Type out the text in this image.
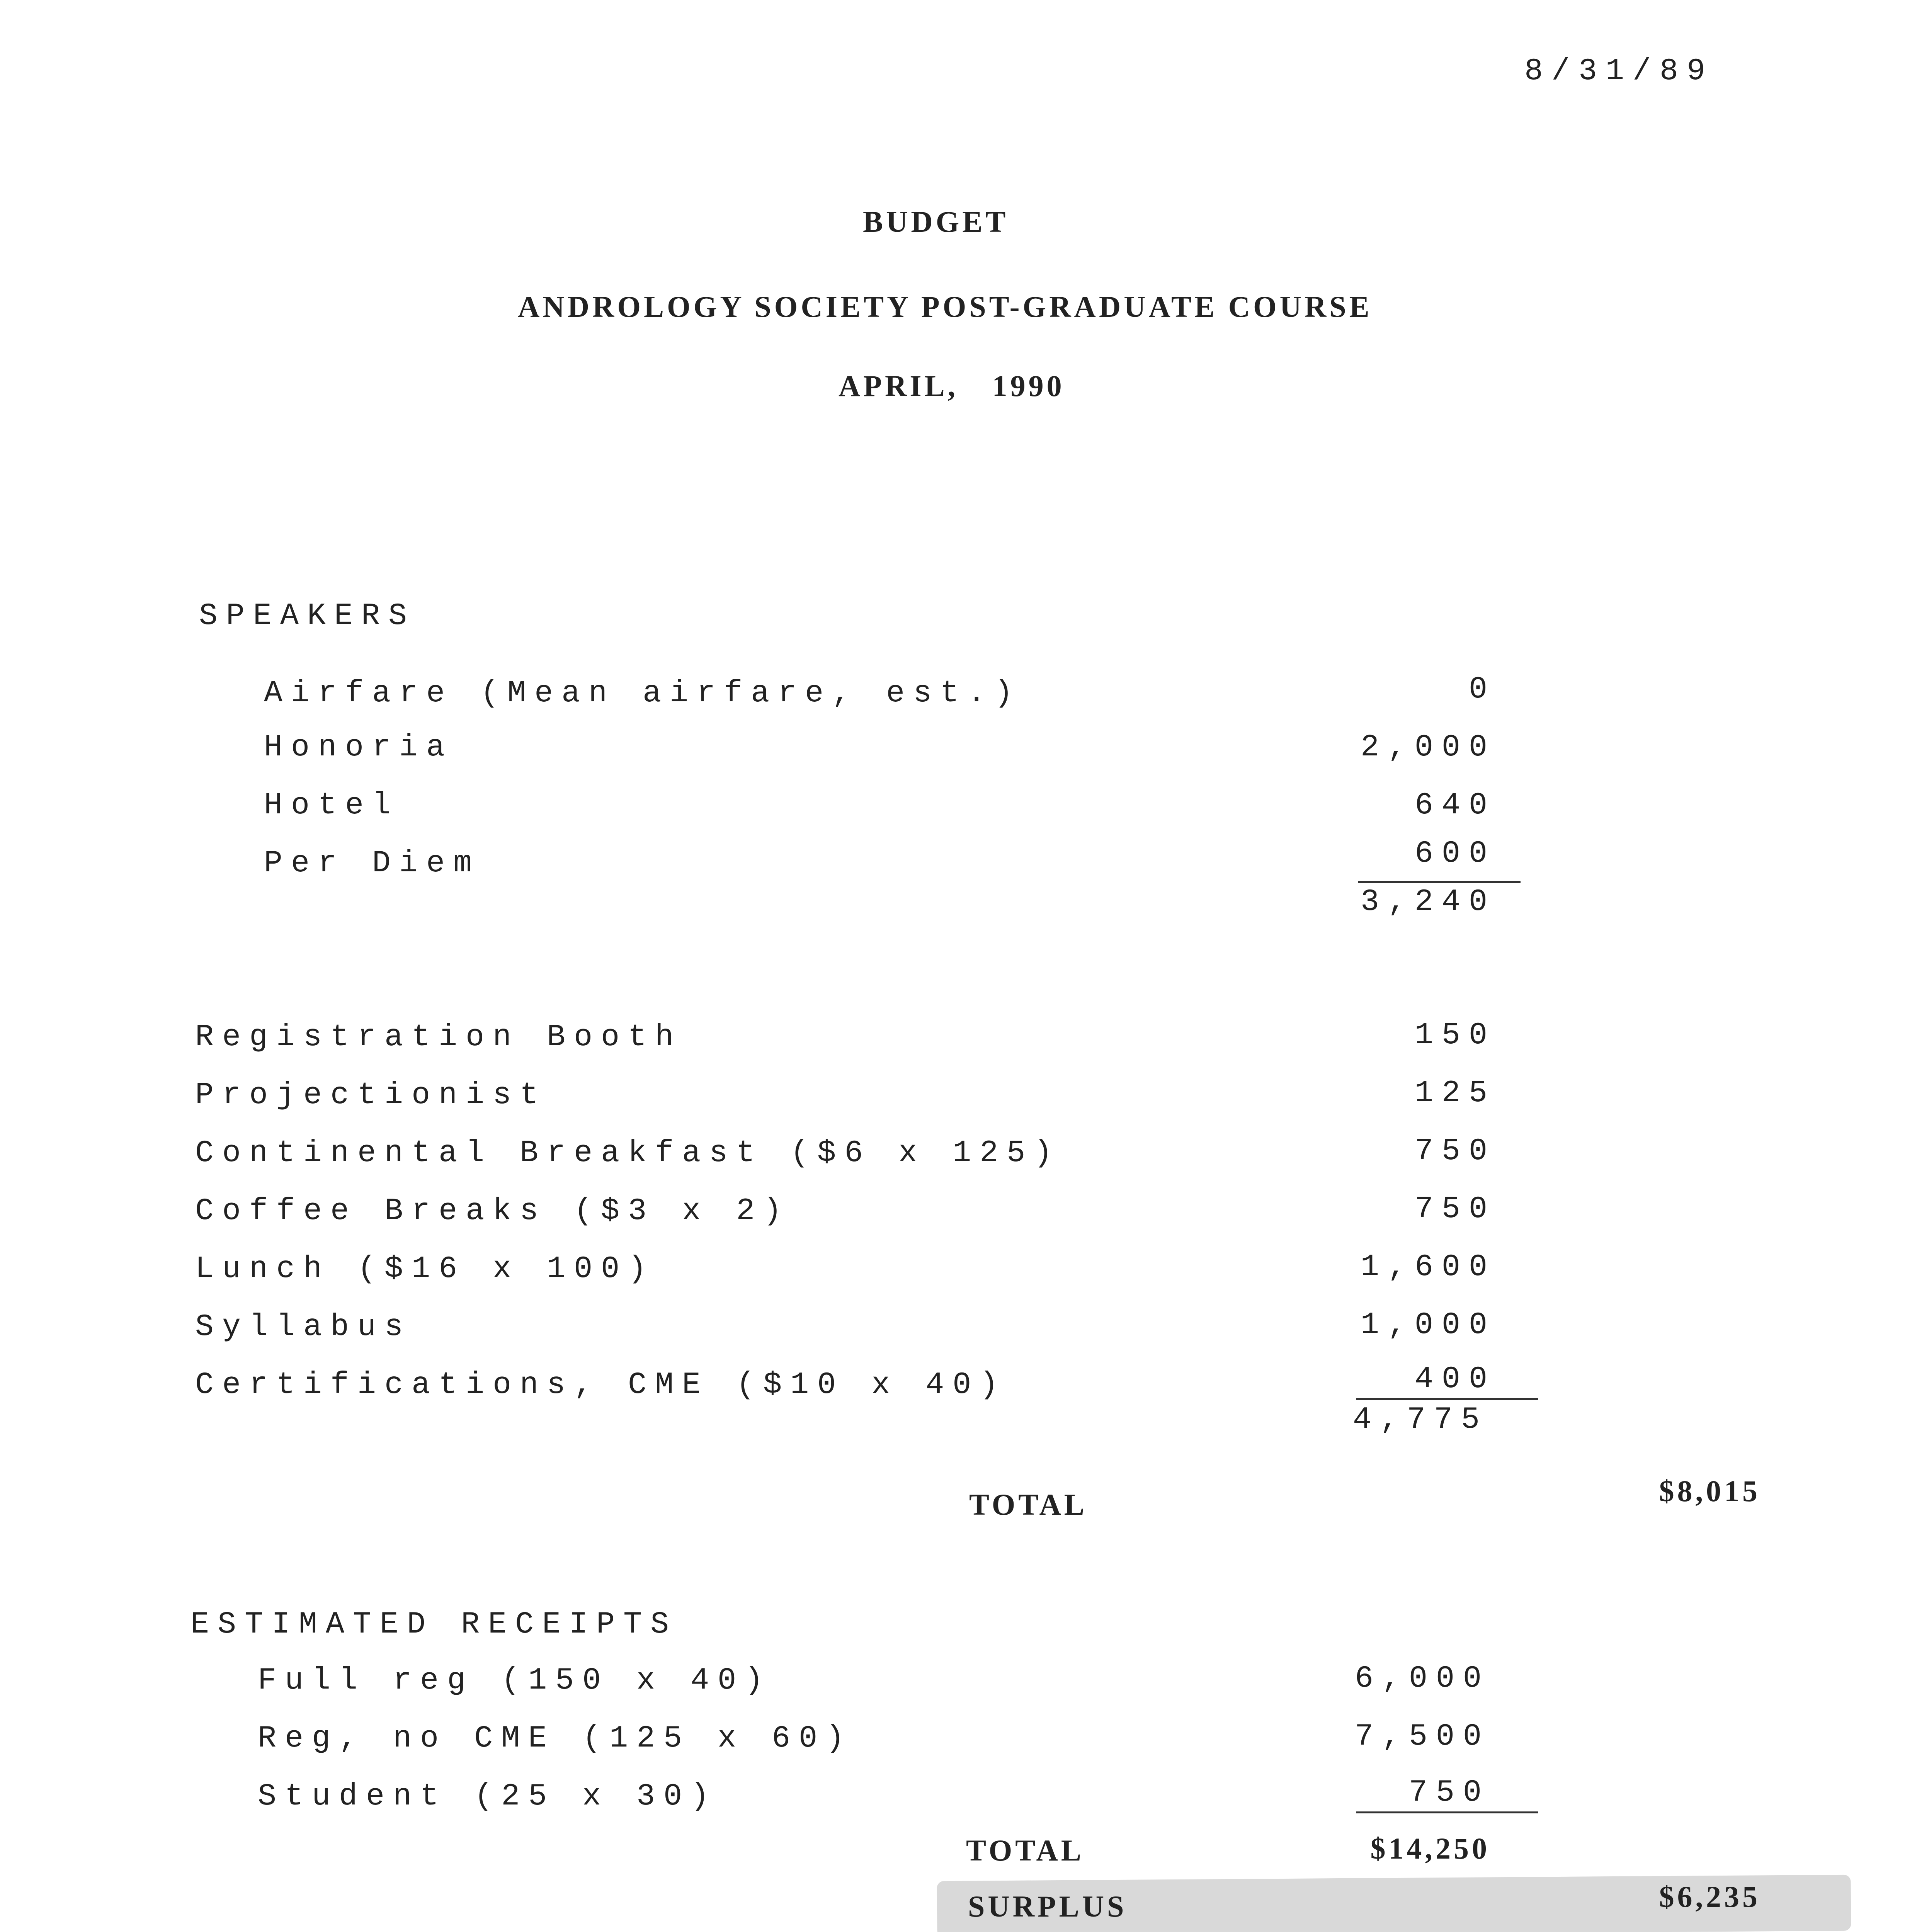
8/31/89
BUDGET
ANDROLOGY SOCIETY POST-GRADUATE COURSE
APRIL, 1990
SPEAKERS
Airfare (Mean airfare, est.)	0
Honoria	2,000
Hotel	640
Per Diem	600
3,240
Registration Booth	150
Projectionist	125
Continental Breakfast ($6 x 125)	750
Coffee Breaks ($3 x 2)	750
Lunch ($16 x 100)	1,600
Syllabus	1,000
Certifications, CME ($10 x 40)	400
4,775
TOTAL	$8,015
ESTIMATED RECEIPTS
Full reg (150 x 40)	6,000
Reg, no CME (125 x 60)	7,500
Student (25 x 30)	750
TOTAL	$14,250
SURPLUS	$6,235
